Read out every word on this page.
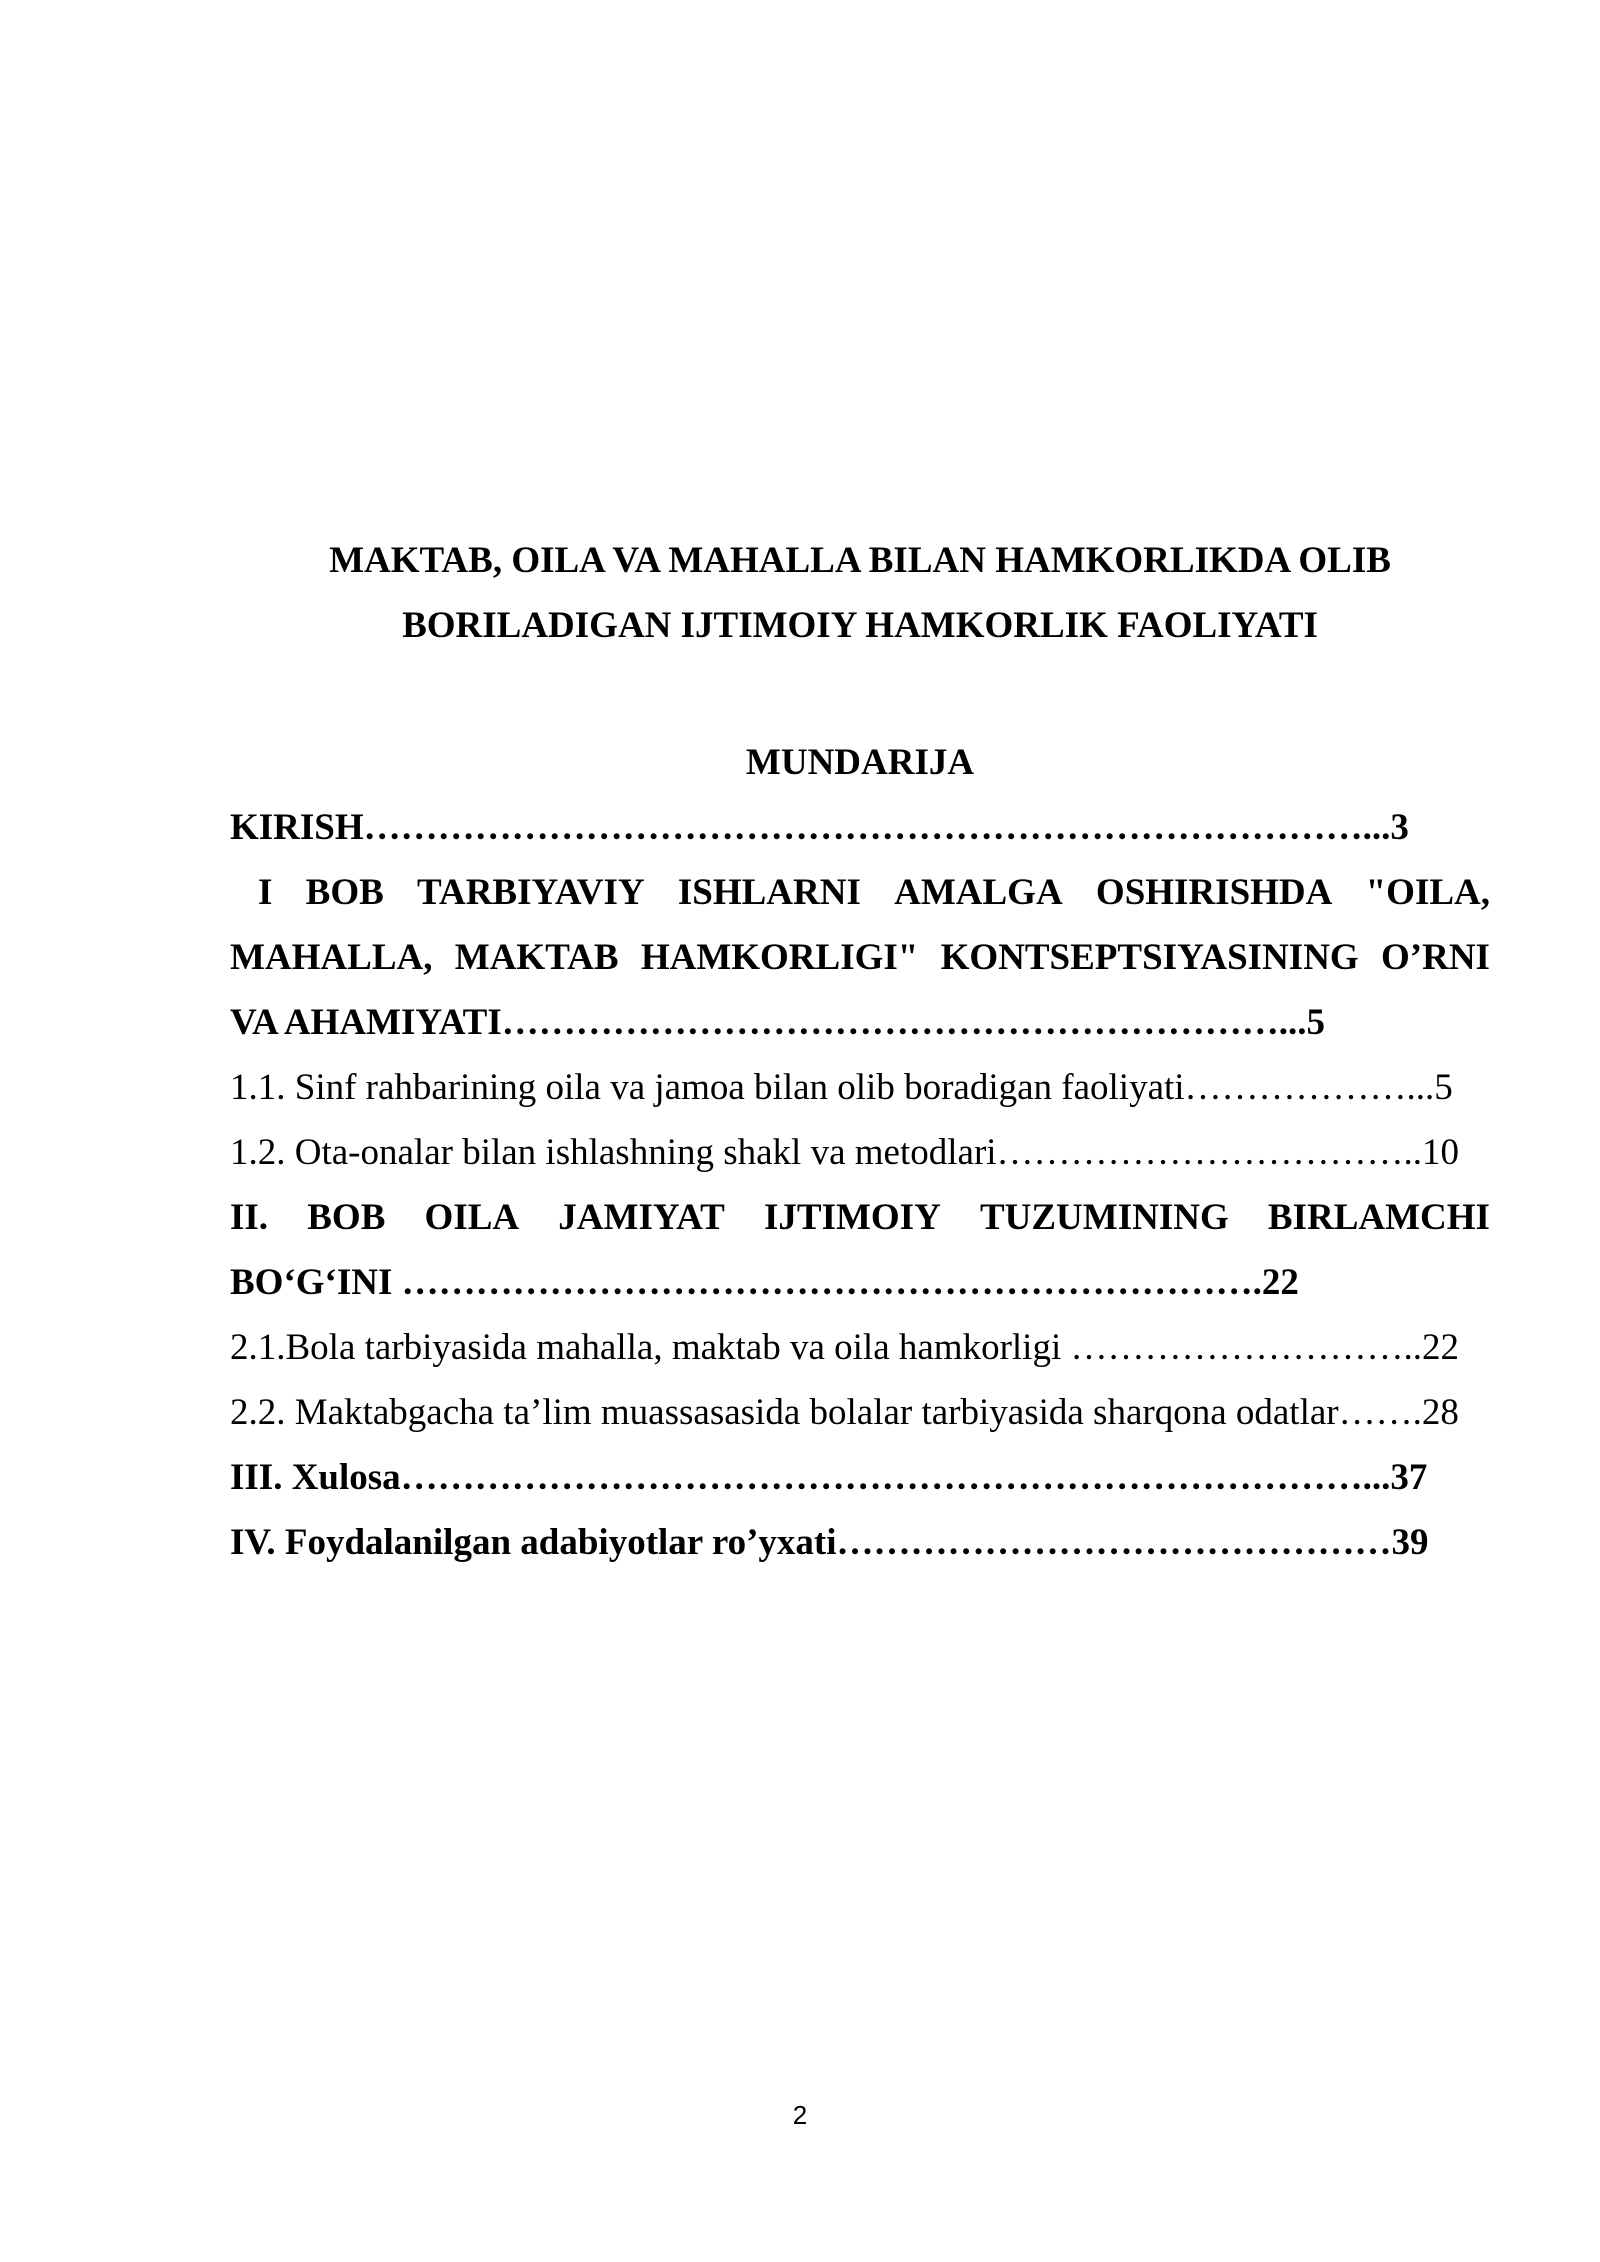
MAKTAB, OILA VA MAHALLA BILAN HAMKORLIKDA OLIB
BORILADIGAN IJTIMOIY HAMKORLIK FAOLIYATI
MUNDARIJA
KIRISH………………………………………………………………………...3
I BOB TARBIYAVIY ISHLARNI AMALGA OSHIRISHDA "OILA,
MAHALLA, MAKTAB HAMKORLIGI" KONTSEPTSIYASINING O’RNI
VA AHAMIYATI………………………………………………………...5
1.1. Sinf rahbarining oila va jamoa bilan olib boradigan faoliyati………………...5
1.2. Ota-onalar bilan ishlashning shakl va metodlari……………………………..10
II. BOB OILA JAMIYAT IJTIMOIY TUZUMINING BIRLAMCHI
BO‘G‘INI …………………………………………………………….22
2.1.Bola tarbiyasida mahalla, maktab va oila hamkorligi ………………………..22
2.2. Maktabgacha ta’lim muassasasida bolalar tarbiyasida sharqona odatlar…….28
III. Xulosa……………………………………………………………………...37
IV. Foydalanilgan adabiyotlar ro’yxati………………………………………39
2
